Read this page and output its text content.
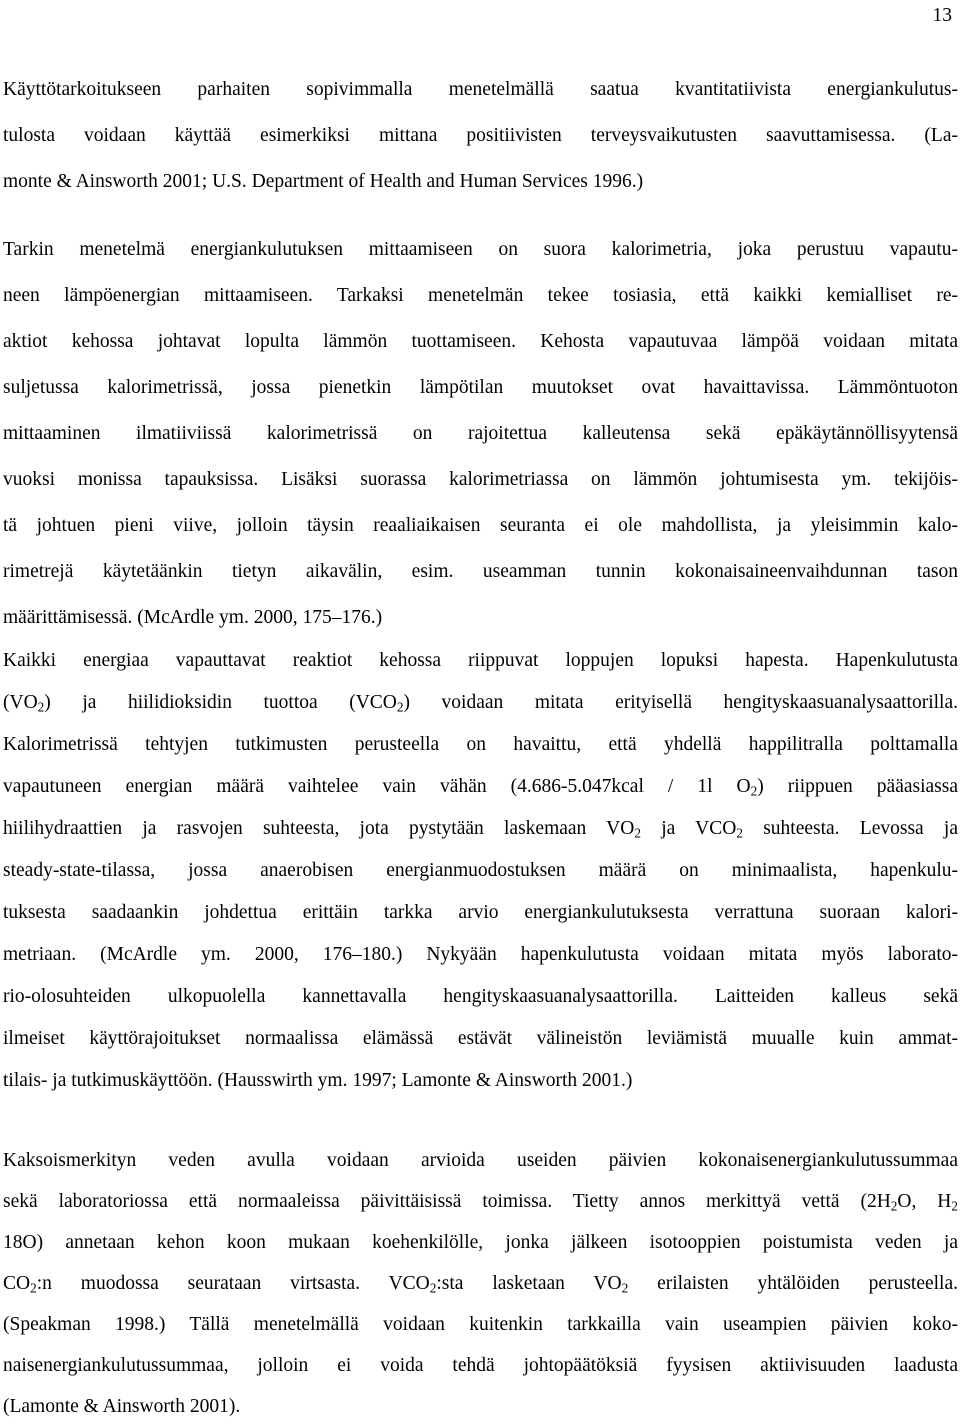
13
Käyttötarkoitukseen parhaiten sopivimmalla menetelmällä saatua kvantitatiivista energiankulutus-
tulosta voidaan käyttää esimerkiksi mittana positiivisten terveysvaikutusten saavuttamisessa. (La-
monte & Ainsworth 2001; U.S. Department of Health and Human Services 1996.)
Tarkin menetelmä energiankulutuksen mittaamiseen on suora kalorimetria, joka perustuu vapautu-
neen lämpöenergian mittaamiseen. Tarkaksi menetelmän tekee tosiasia, että kaikki kemialliset re-
aktiot kehossa johtavat lopulta lämmön tuottamiseen. Kehosta vapautuvaa lämpöä voidaan mitata
suljetussa kalorimetrissä, jossa pienetkin lämpötilan muutokset ovat havaittavissa. Lämmöntuoton
mittaaminen ilmatiiviissä kalorimetrissä on rajoitettua kalleutensa sekä epäkäytännöllisyytensä
vuoksi monissa tapauksissa. Lisäksi suorassa kalorimetriassa on lämmön johtumisesta ym. tekijöis-
tä johtuen pieni viive, jolloin täysin reaaliaikaisen seuranta ei ole mahdollista, ja yleisimmin kalo-
rimetrejä käytetäänkin tietyn aikavälin, esim. useamman tunnin kokonaisaineenvaihdunnan tason
määrittämisessä. (McArdle ym. 2000, 175–176.)
Kaikki energiaa vapauttavat reaktiot kehossa riippuvat loppujen lopuksi hapesta. Hapenkulutusta
$(VO_2)$ ja hiilidioksidin tuottoa $(VCO_2)$ voidaan mitata erityisellä hengityskaasuanalysaattorilla.
Kalorimetrissä tehtyjen tutkimusten perusteella on havaittu, että yhdellä happilitralla polttamalla
vapautuneen energian määrä vaihtelee vain vähän (4.686-5.047kcal / 1l $O_2$) riippuen pääasiassa
hiilihydraattien ja rasvojen suhteesta, jota pystytään laskemaan $VO_2$ ja $VCO_2$ suhteesta. Levossa ja
steady-state-tilassa, jossa anaerobisen energianmuodostuksen määrä on minimaalista, hapenkulu-
tuksesta saadaankin johdettua erittäin tarkka arvio energiankulutuksesta verrattuna suoraan kalori-
metriaan. (McArdle ym. 2000, 176–180.) Nykyään hapenkulutusta voidaan mitata myös laborato-
rio-olosuhteiden ulkopuolella kannettavalla hengityskaasuanalysaattorilla. Laitteiden kalleus sekä
ilmeiset käyttörajoitukset normaalissa elämässä estävät välineistön leviämistä muualle kuin ammat-
tilais- ja tutkimuskäyttöön. (Hausswirth ym. 1997; Lamonte & Ainsworth 2001.)
Kaksoismerkityn veden avulla voidaan arvioida useiden päivien kokonaisenergiankulutussummaa
sekä laboratoriossa että normaaleissa päivittäisissä toimissa. Tietty annos merkittyä vettä ($2H_2O$, $H_2$
18O) annetaan kehon koon mukaan koehenkilölle, jonka jälkeen isotooppien poistumista veden ja
$CO_2:n$ muodossa seurataan virtsasta. $VCO_2:sta$ lasketaan $VO_2$ erilaisten yhtälöiden perusteella.
(Speakman 1998.) Tällä menetelmällä voidaan kuitenkin tarkkailla vain useampien päivien koko-
naisenergiankulutussummaa, jolloin ei voida tehdä johtopäätöksiä fyysisen aktiivisuuden laadusta
(Lamonte & Ainsworth 2001).
